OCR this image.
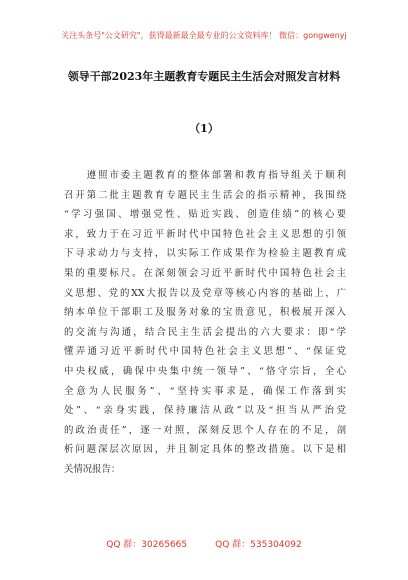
关注头条号"公文研究"，获得最新最全最专业的公文资料库！ 微信：gongwenyj
领导干部2023年主题教育专题民主生活会对照发言材料
（1）
　　遵照市委主题教育的整体部署和教育指导组关于顺利
召开第二批主题教育专题民主生活会的指示精神，我围绕
“学习强国、增强党性、贴近实践、创造佳绩”的核心要
求，致力于在习近平新时代中国特色社会主义思想的引领
下寻求动力与支持，以实际工作成果作为检验主题教育成
果的重要标尺。在深刻领会习近平新时代中国特色社会主
义思想、党的XX大报告以及党章等核心内容的基础上，广
纳本单位干部职工及服务对象的宝贵意见，积极展开深入
的交流与沟通，结合民主生活会提出的六大要求：即“学
懂弄通习近平新时代中国特色社会主义思想”、“保证党
中央权威，确保中央集中统一领导”、“恪守宗旨，全心
全意为人民服务”、“坚持实事求是，确保工作落到实
处”、“亲身实践，保持廉洁从政”以及“担当从严治党
的政治责任”，逐一对照，深刻反思个人存在的不足，剖
析问题深层次原因，并且制定具体的整改措施。以下是相
关情况报告：
QQ 群：30265665	QQ 群：535304092
